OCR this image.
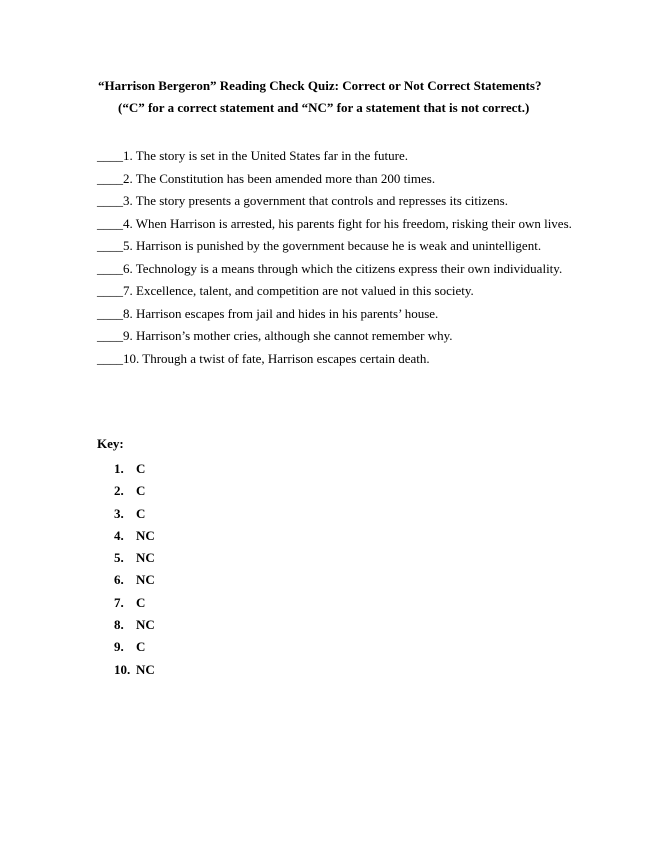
“Harrison Bergeron” Reading Check Quiz: Correct or Not Correct Statements?
(“C” for a correct statement and “NC” for a statement that is not correct.)
____1. The story is set in the United States far in the future.
____2. The Constitution has been amended more than 200 times.
____3. The story presents a government that controls and represses its citizens.
____4. When Harrison is arrested, his parents fight for his freedom, risking their own lives.
____5. Harrison is punished by the government because he is weak and unintelligent.
____6. Technology is a means through which the citizens express their own individuality.
____7. Excellence, talent, and competition are not valued in this society.
____8. Harrison escapes from jail and hides in his parents’ house.
____9. Harrison’s mother cries, although she cannot remember why.
____10. Through a twist of fate, Harrison escapes certain death.
Key:
1. C
2. C
3. C
4. NC
5. NC
6. NC
7. C
8. NC
9. C
10. NC
